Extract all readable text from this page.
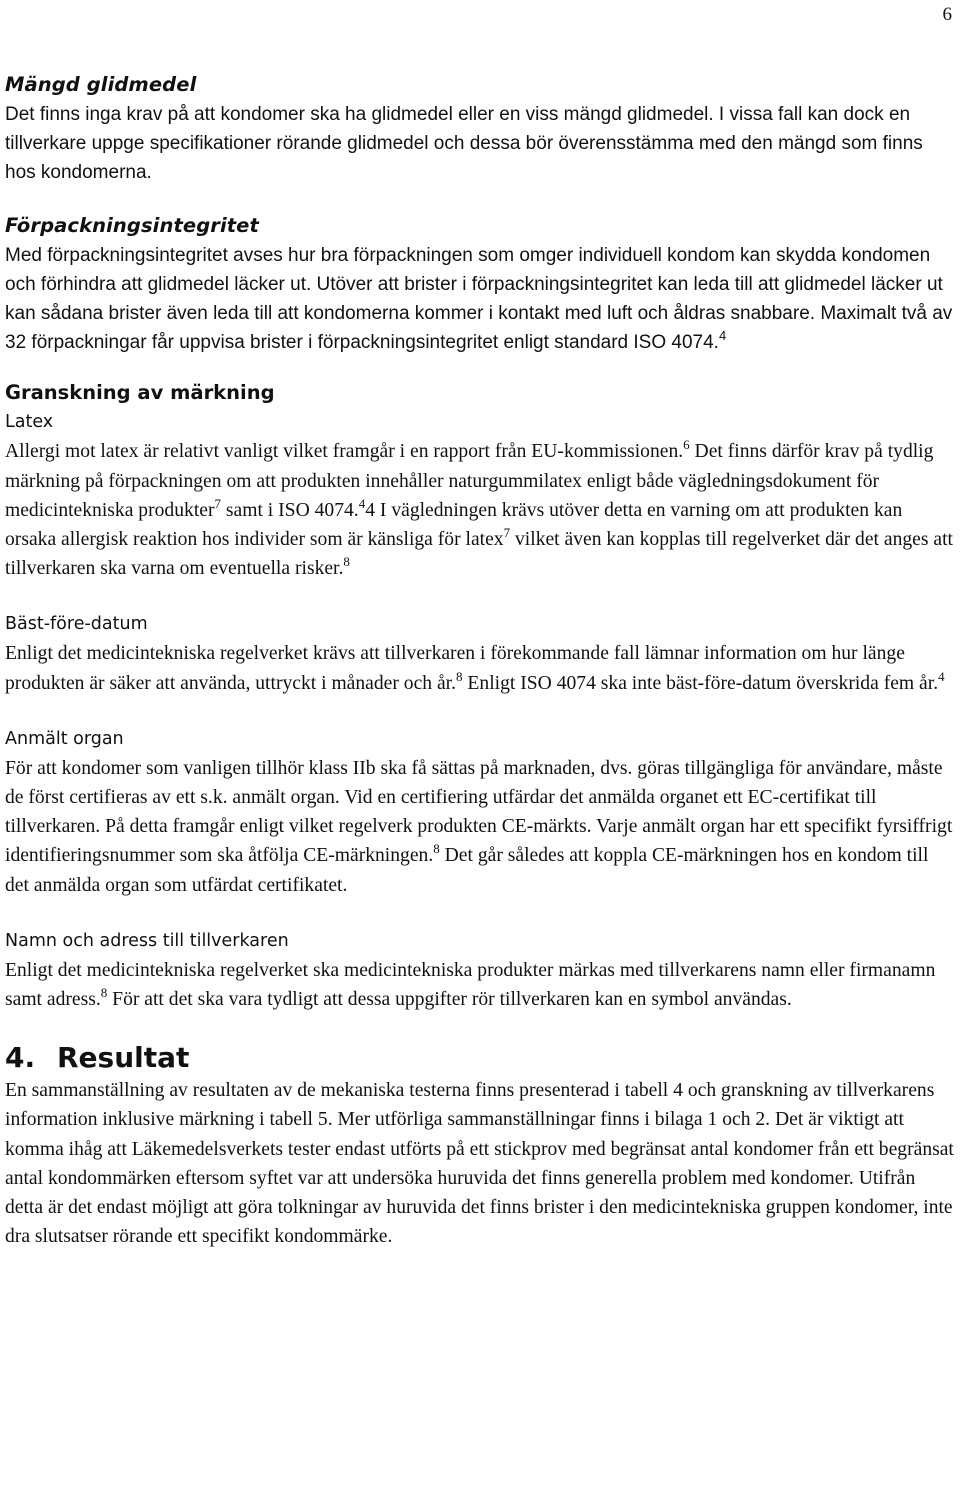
6
Mängd glidmedel

Det finns inga krav på att kondomer ska ha glidmedel eller en viss mängd glidmedel. I vissa fall kan dock en tillverkare uppge specifikationer rörande glidmedel och dessa bör överensstämma med den mängd som finns hos kondomerna.

Förpackningsintegritet

Med förpackningsintegritet avses hur bra förpackningen som omger individuell kondom kan skydda kondomen och förhindra att glidmedel läcker ut. Utöver att brister i förpackningsintegritet kan leda till att glidmedel läcker ut kan sådana brister även leda till att kondomerna kommer i kontakt med luft och åldras snabbare. Maximalt två av 32 förpackningar får uppvisa brister i förpackningsintegritet enligt standard ISO 4074.$^4$

Granskning av märkning
Latex

Allergi mot latex är relativt vanligt vilket framgår i en rapport från EU-kommissionen.$^6$ Det finns därför krav på tydlig märkning på förpackningen om att produkten innehåller naturgummilatex enligt både vägledningsdokument för medicintekniska produkter$^7$ samt i ISO 4074.$^4$4 I vägledningen krävs utöver detta en varning om att produkten kan orsaka allergisk reaktion hos individer som är känsliga för latex$^7$ vilket även kan kopplas till regelverket där det anges att tillverkaren ska varna om eventuella risker.$^8$

Bäst-före-datum

Enligt det medicintekniska regelverket krävs att tillverkaren i förekommande fall lämnar information om hur länge produkten är säker att använda, uttryckt i månader och år.$^8$ Enligt ISO 4074 ska inte bäst-före-datum överskrida fem år.$^4$

Anmält organ

För att kondomer som vanligen tillhör klass IIb ska få sättas på marknaden, dvs. göras tillgängliga för användare, måste de först certifieras av ett s.k. anmält organ. Vid en certifiering utfärdar det anmälda organet ett EC-certifikat till tillverkaren. På detta framgår enligt vilket regelverk produkten CE-märkts. Varje anmält organ har ett specifikt fyrsiffrigt identifieringsnummer som ska åtfölja CE-märkningen.$^8$ Det går således att koppla CE-märkningen hos en kondom till det anmälda organ som utfärdat certifikatet.

Namn och adress till tillverkaren

Enligt det medicintekniska regelverket ska medicintekniska produkter märkas med tillverkarens namn eller firmanamn samt adress.$^8$ För att det ska vara tydligt att dessa uppgifter rör tillverkaren kan en symbol användas.

4. Resultat

En sammanställning av resultaten av de mekaniska testerna finns presenterad i tabell 4 och granskning av tillverkarens information inklusive märkning i tabell 5. Mer utförliga sammanställningar finns i bilaga 1 och 2. Det är viktigt att komma ihåg att Läkemedelsverkets tester endast utförts på ett stickprov med begränsat antal kondomer från ett begränsat antal kondommärken eftersom syftet var att undersöka huruvida det finns generella problem med kondomer. Utifrån detta är det endast möjligt att göra tolkningar av huruvida det finns brister i den medicintekniska gruppen kondomer, inte dra slutsatser rörande ett specifikt kondommärke.
